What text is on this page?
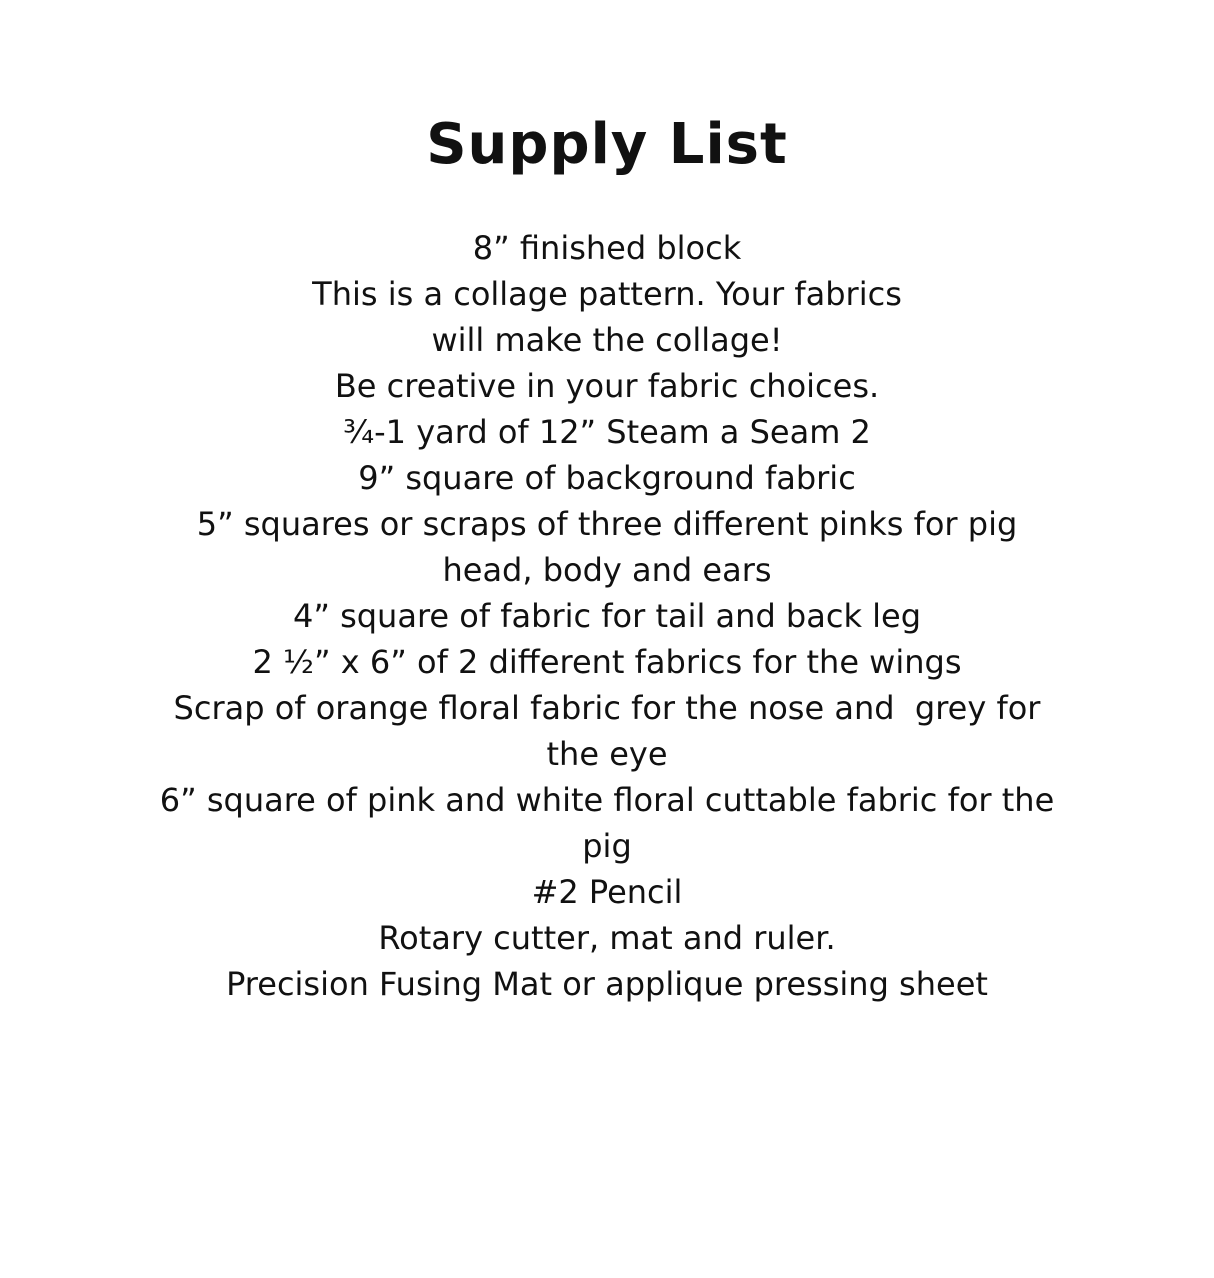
Supply List

8” finished block

This is a collage pattern. Your fabrics

will make the collage!

Be creative in your fabric choices.

¾-1 yard of 12” Steam a Seam 2

9” square of background fabric

5” squares or scraps of three different pinks for pig

head, body and ears

4” square of fabric for tail and back leg

2 ½” x 6” of 2 different fabrics for the wings

Scrap of orange floral fabric for the nose and  grey for

the eye

6” square of pink and white floral cuttable fabric for the

pig

#2 Pencil

Rotary cutter, mat and ruler.

Precision Fusing Mat or applique pressing sheet
